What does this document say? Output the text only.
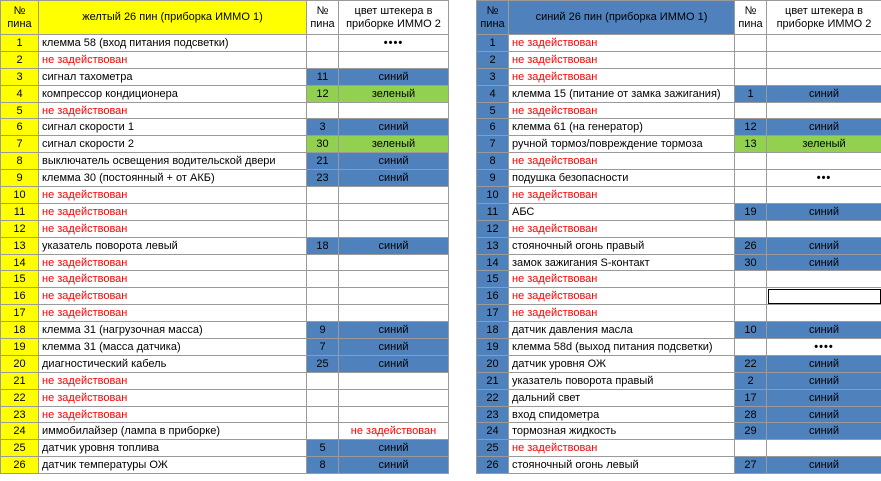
№ пина	желтый 26 пин (приборка ИММО 1)	№ пина	цвет штекера в приборке ИММО 2
1	клемма 58 (вход питания подсветки)		••••
2	не задействован		
3	сигнал тахометра	11	синий
4	компрессор кондиционера	12	зеленый
5	не задействован		
6	сигнал скорости 1	3	синий
7	сигнал скорости 2	30	зеленый
8	выключатель освещения водительской двери	21	синий
9	клемма 30 (постоянный + от АКБ)	23	синий
10	не задействован		
11	не задействован		
12	не задействован		
13	указатель поворота левый	18	синий
14	не задействован		
15	не задействован		
16	не задействован		
17	не задействован		
18	клемма 31 (нагрузочная масса)	9	синий
19	клемма 31 (масса датчика)	7	синий
20	диагностический кабель	25	синий
21	не задействован		
22	не задействован		
23	не задействован		
24	иммобилайзер (лампа в приборке)		не задействован
25	датчик уровня топлива	5	синий
26	датчик температуры ОЖ	8	синий
№ пина	синий 26 пин (приборка ИММО 1)	№ пина	цвет штекера в приборке ИММО 2
1	не задействован		
2	не задействован		
3	не задействован		
4	клемма 15 (питание от замка зажигания)	1	синий
5	не задействован		
6	клемма 61 (на генератор)	12	синий
7	ручной тормоз/повреждение тормоза	13	зеленый
8	не задействован		
9	подушка безопасности		•••
10	не задействован		
11	АБС	19	синий
12	не задействован		
13	стояночный огонь правый	26	синий
14	замок зажигания S-контакт	30	синий
15	не задействован		
16	не задействован		
17	не задействован		
18	датчик давления масла	10	синий
19	клемма 58d (выход питания подсветки)		••••
20	датчик уровня ОЖ	22	синий
21	указатель поворота правый	2	синий
22	дальний свет	17	синий
23	вход спидометра	28	синий
24	тормозная жидкость	29	синий
25	не задействован		
26	стояночный огонь левый	27	синий
